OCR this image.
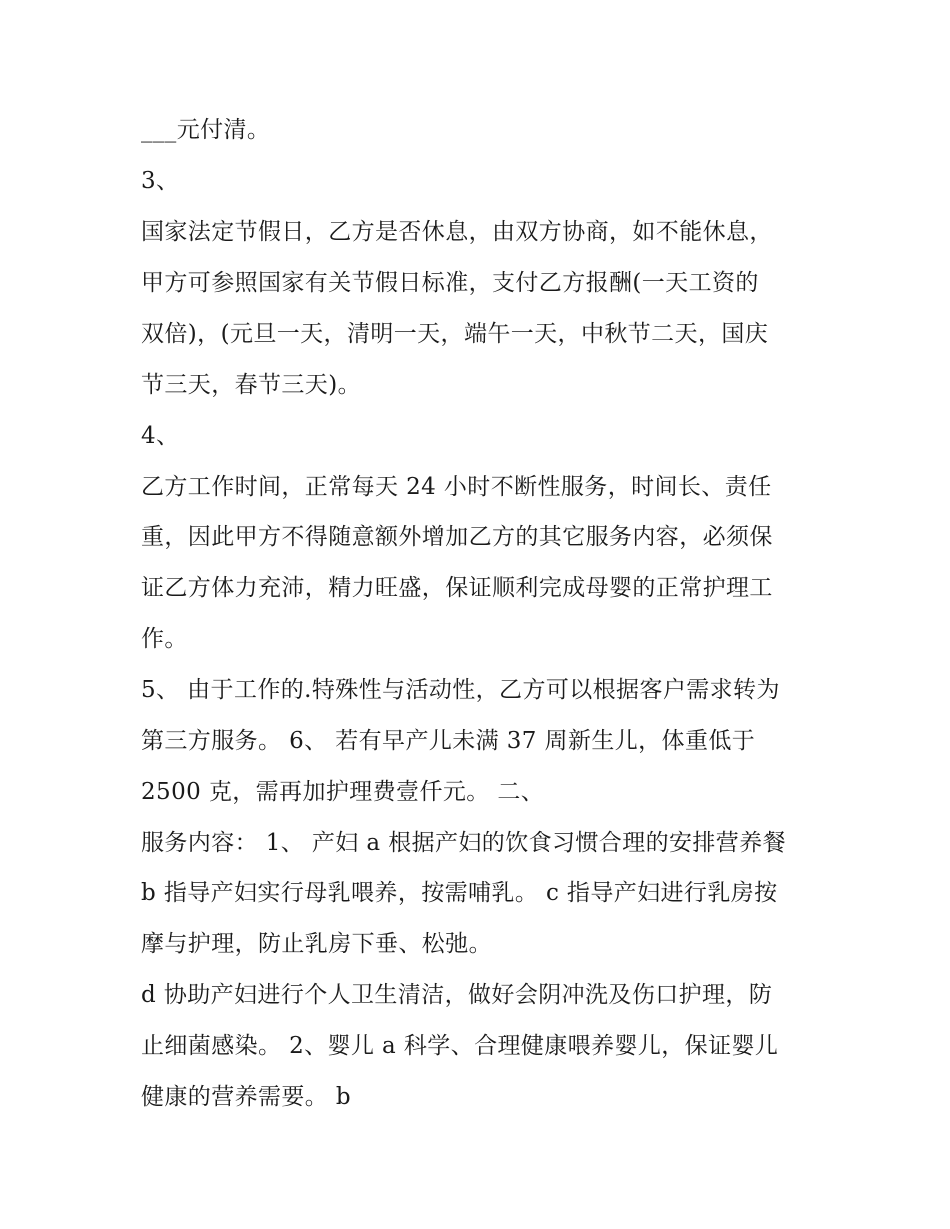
___元付清。

3、

国家法定节假日，乙方是否休息，由双方协商，如不能休息，

甲方可参照国家有关节假日标准，支付乙方报酬(一天工资的

双倍)，(元旦一天，清明一天，端午一天，中秋节二天，国庆

节三天，春节三天)。

4、

乙方工作时间，正常每天 24 小时不断性服务，时间长、责任

重，因此甲方不得随意额外增加乙方的其它服务内容，必须保

证乙方体力充沛，精力旺盛，保证顺利完成母婴的正常护理工

作。

5、 由于工作的.特殊性与活动性，乙方可以根据客户需求转为

第三方服务。 6、 若有早产儿未满 37 周新生儿，体重低于

2500 克，需再加护理费壹仟元。 二、

服务内容： 1、 产妇 a 根据产妇的饮食习惯合理的安排营养餐

b 指导产妇实行母乳喂养，按需哺乳。 c 指导产妇进行乳房按

摩与护理，防止乳房下垂、松弛。

d 协助产妇进行个人卫生清洁，做好会阴冲洗及伤口护理，防

止细菌感染。 2、婴儿 a 科学、合理健康喂养婴儿，保证婴儿

健康的营养需要。 b
